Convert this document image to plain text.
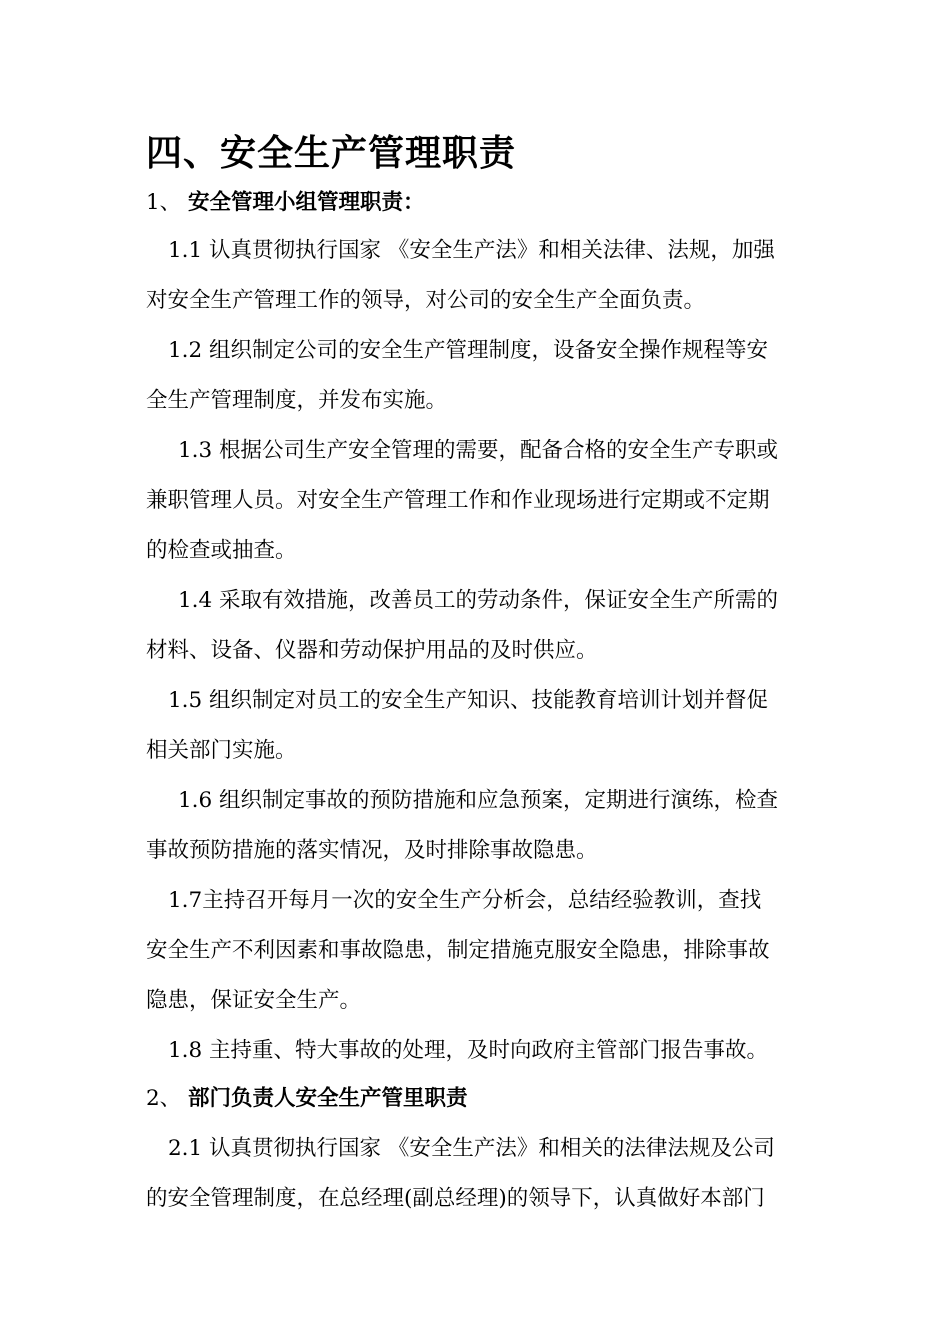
四、安全生产管理职责
1、 安全管理小组管理职责：
1.1 认真贯彻执行国家 《安全生产法》和相关法律、法规，加强
对安全生产管理工作的领导，对公司的安全生产全面负责。
1.2 组织制定公司的安全生产管理制度，设备安全操作规程等安
全生产管理制度，并发布实施。
1.3 根据公司生产安全管理的需要，配备合格的安全生产专职或
兼职管理人员。对安全生产管理工作和作业现场进行定期或不定期
的检查或抽查。
1.4 采取有效措施，改善员工的劳动条件，保证安全生产所需的
材料、设备、仪器和劳动保护用品的及时供应。
1.5 组织制定对员工的安全生产知识、技能教育培训计划并督促
相关部门实施。
1.6 组织制定事故的预防措施和应急预案，定期进行演练，检查
事故预防措施的落实情况，及时排除事故隐患。
1.7主持召开每月一次的安全生产分析会，总结经验教训，查找
安全生产不利因素和事故隐患，制定措施克服安全隐患，排除事故
隐患，保证安全生产。
1.8 主持重、特大事故的处理，及时向政府主管部门报告事故。
2、 部门负责人安全生产管里职责
2.1 认真贯彻执行国家 《安全生产法》和相关的法律法规及公司
的安全管理制度，在总经理(副总经理)的领导下，认真做好本部门
